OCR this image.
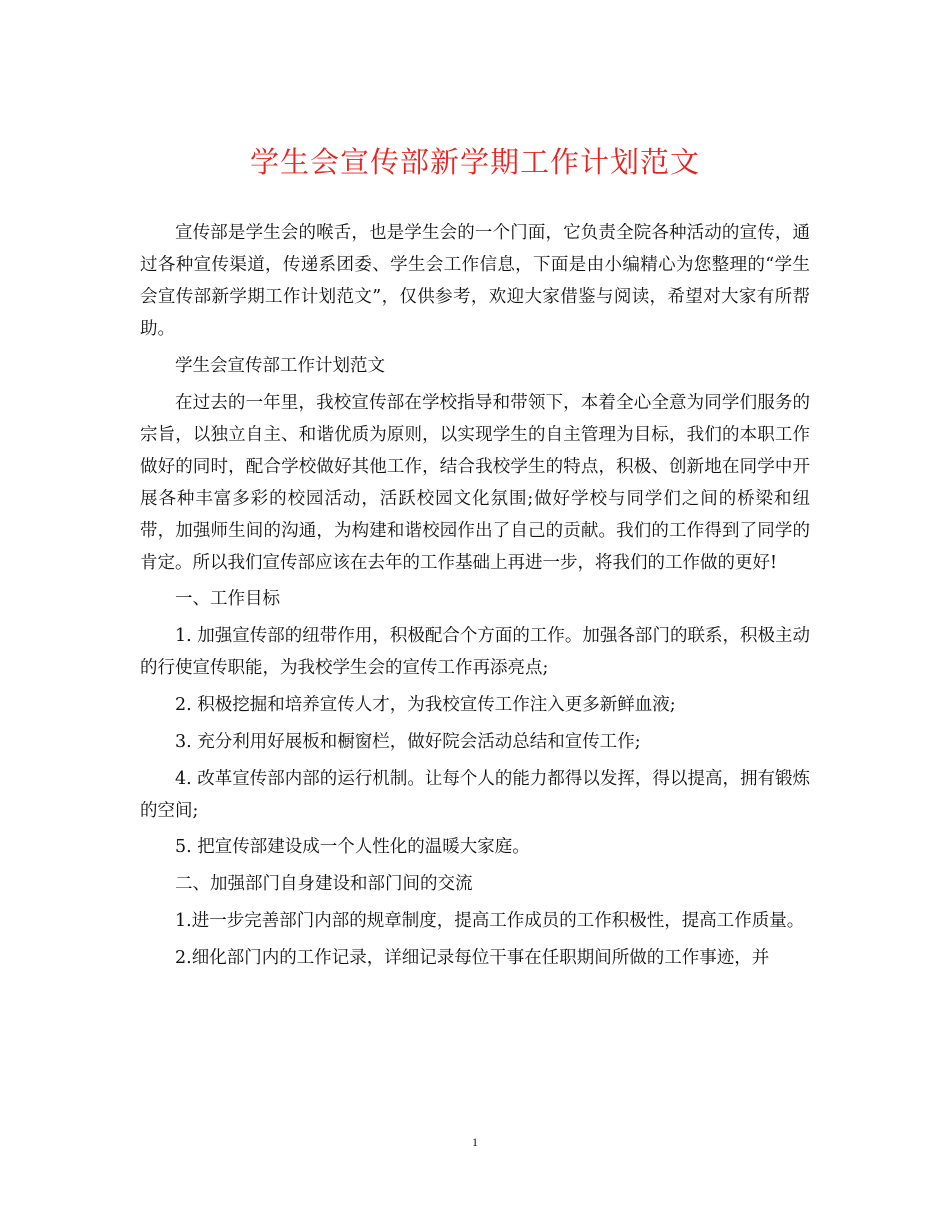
学生会宣传部新学期工作计划范文

宣传部是学生会的喉舌，也是学生会的一个门面，它负责全院各种活动的宣传，通过各种宣传渠道，传递系团委、学生会工作信息，下面是由小编精心为您整理的“学生会宣传部新学期工作计划范文”，仅供参考，欢迎大家借鉴与阅读，希望对大家有所帮助。

学生会宣传部工作计划范文

在过去的一年里，我校宣传部在学校指导和带领下，本着全心全意为同学们服务的宗旨，以独立自主、和谐优质为原则，以实现学生的自主管理为目标，我们的本职工作做好的同时，配合学校做好其他工作，结合我校学生的特点，积极、创新地在同学中开展各种丰富多彩的校园活动，活跃校园文化氛围;做好学校与同学们之间的桥梁和纽带，加强师生间的沟通，为构建和谐校园作出了自己的贡献。我们的工作得到了同学的肯定。所以我们宣传部应该在去年的工作基础上再进一步，将我们的工作做的更好!

一、工作目标

1. 加强宣传部的纽带作用，积极配合个方面的工作。加强各部门的联系，积极主动的行使宣传职能，为我校学生会的宣传工作再添亮点;

2. 积极挖掘和培养宣传人才，为我校宣传工作注入更多新鲜血液;

3. 充分利用好展板和橱窗栏，做好院会活动总结和宣传工作;

4. 改革宣传部内部的运行机制。让每个人的能力都得以发挥，得以提高，拥有锻炼的空间;

5. 把宣传部建设成一个人性化的温暖大家庭。

二、加强部门自身建设和部门间的交流

1.进一步完善部门内部的规章制度，提高工作成员的工作积极性，提高工作质量。

2.细化部门内的工作记录，详细记录每位干事在任职期间所做的工作事迹，并

1
